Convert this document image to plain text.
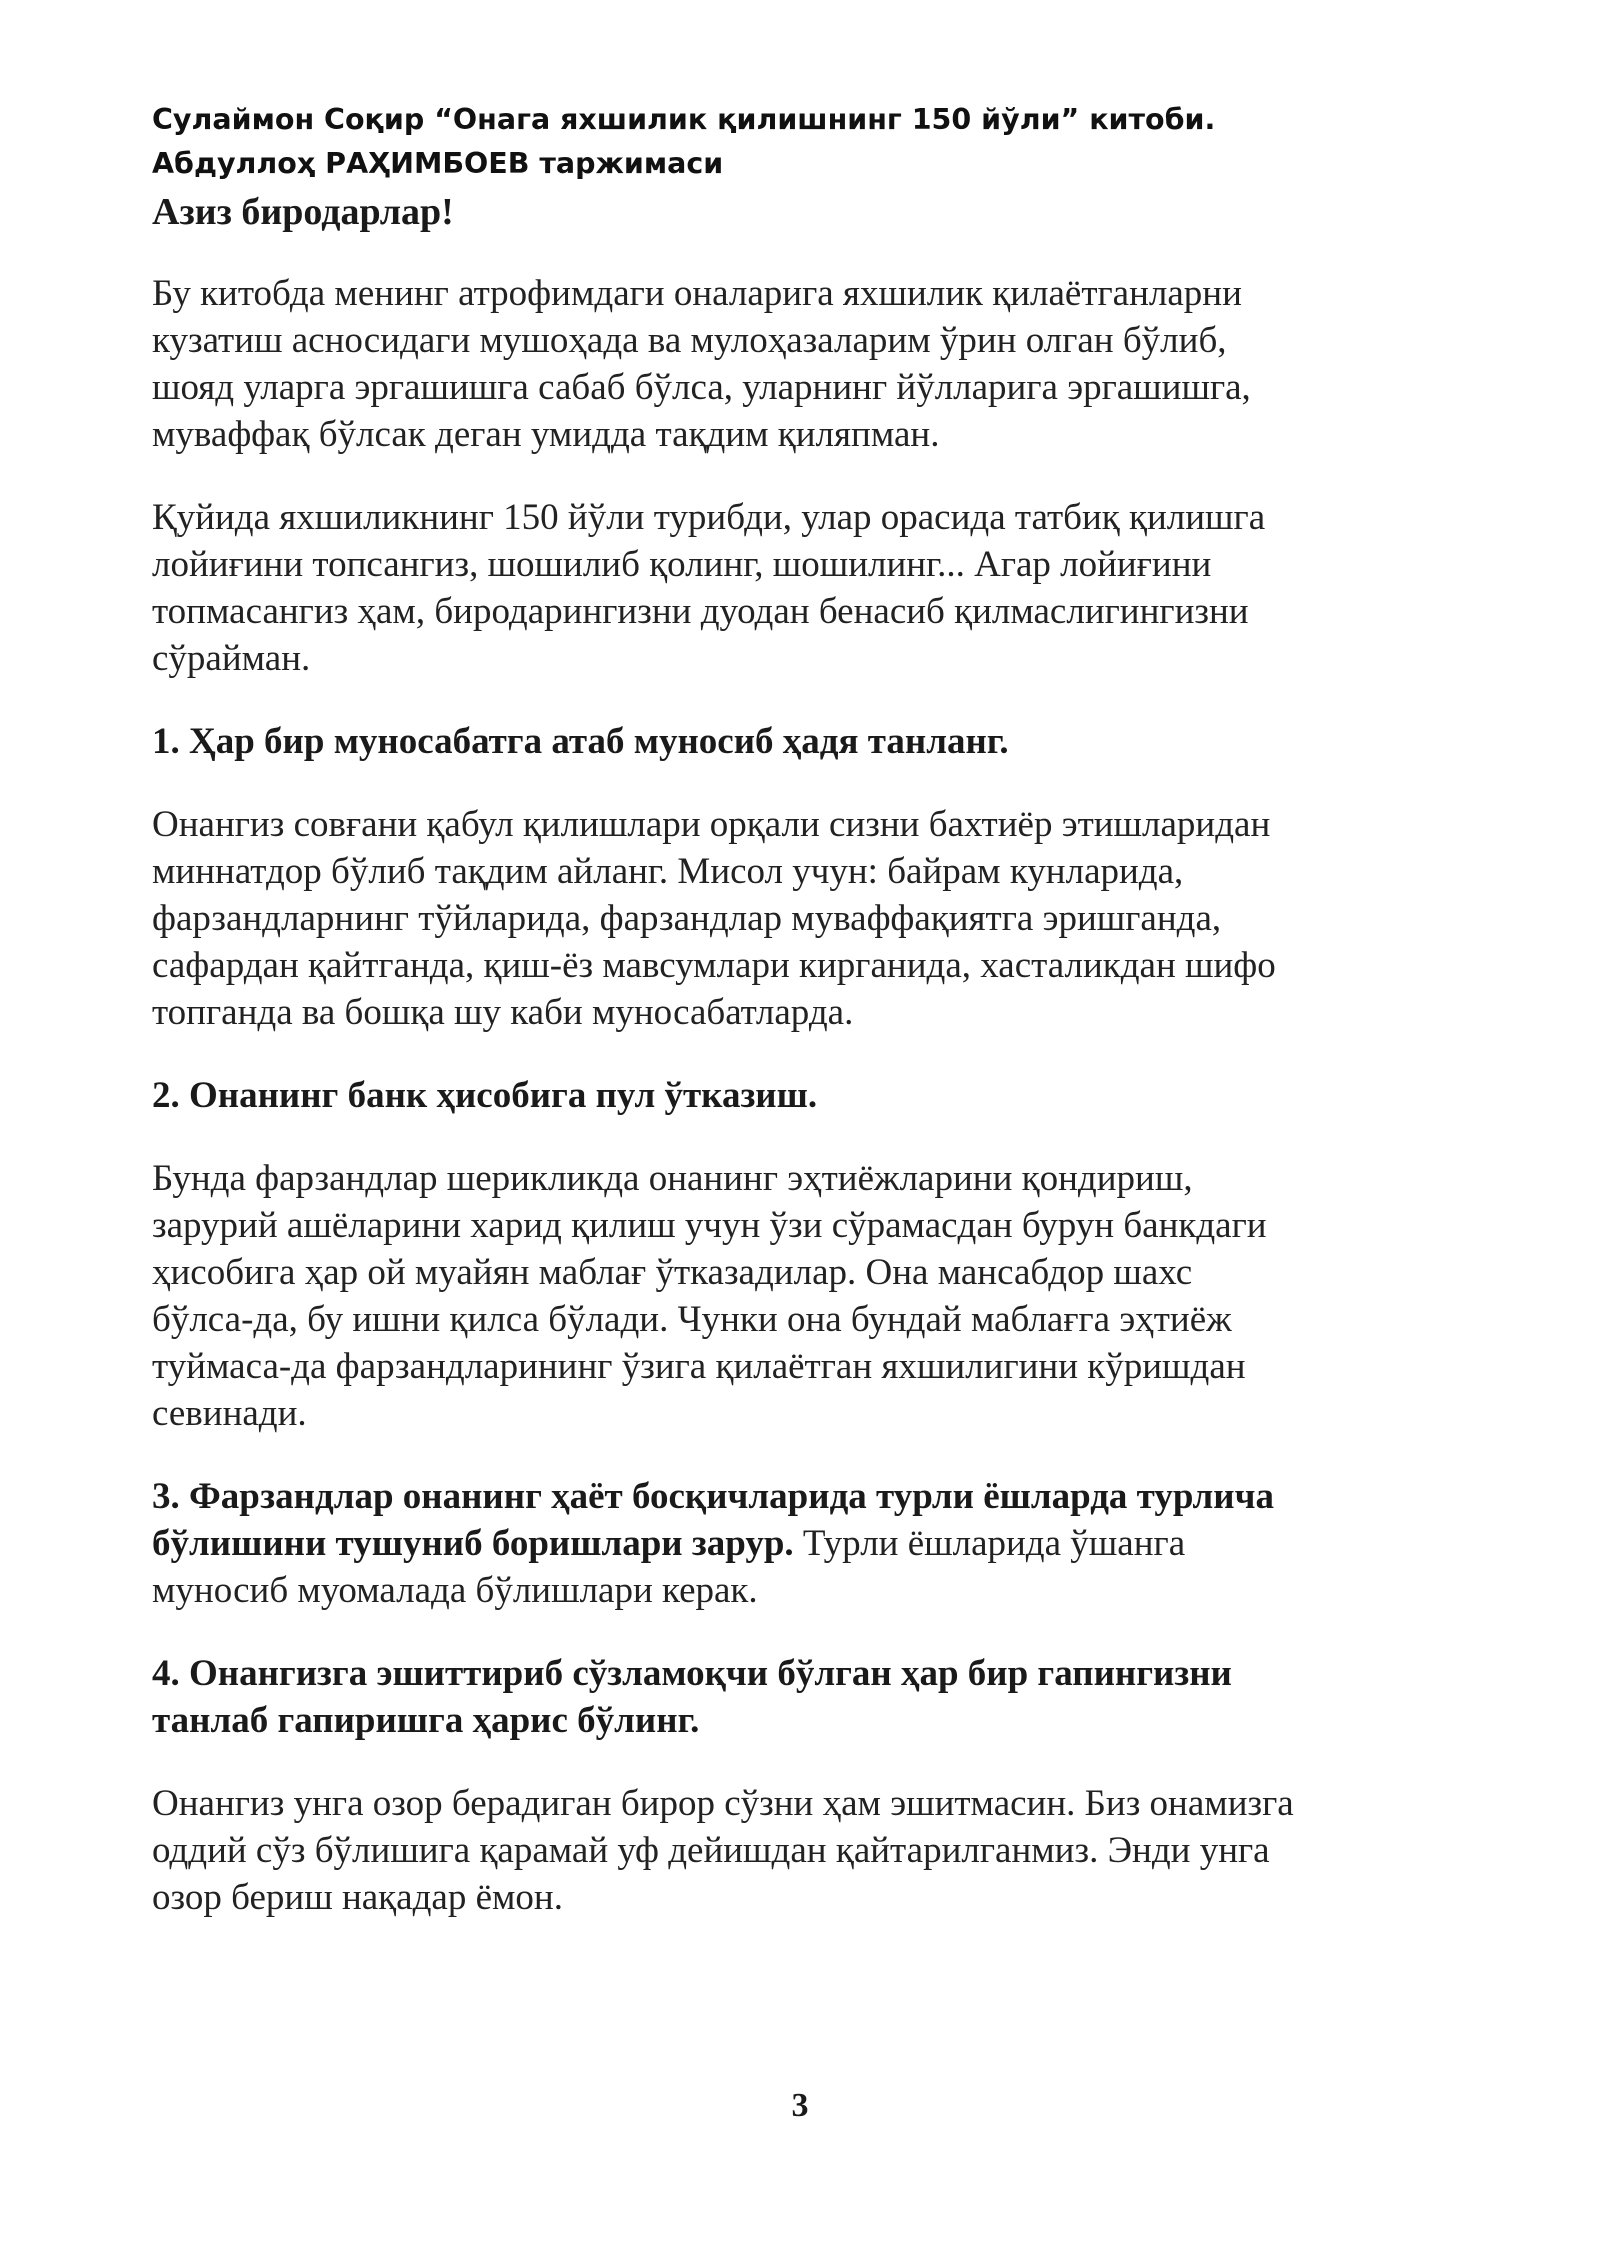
Сулаймон Соқир “Онага яхшилик қилишнинг 150 йўли” китоби.
Абдуллоҳ РАҲИМБОЕВ таржимаси
Азиз биродарлар!
Бу китобда менинг атрофимдаги оналарига яхшилик қилаётганларни
кузатиш асносидаги мушоҳада ва мулоҳазаларим ўрин олган бўлиб,
шояд уларга эргашишга сабаб бўлса, уларнинг йўлларига эргашишга,
муваффақ бўлсак деган умидда тақдим қиляпман.
Қуйида яхшиликнинг 150 йўли турибди, улар орасида татбиқ қилишга
лойиғини топсангиз, шошилиб қолинг, шошилинг... Агар лойиғини
топмасангиз ҳам, биродарингизни дуодан бенасиб қилмаслигингизни
сўрайман.
1. Ҳар бир муносабатга атаб муносиб ҳадя танланг.
Онангиз совғани қабул қилишлари орқали сизни бахтиёр этишларидан
миннатдор бўлиб тақдим айланг. Мисол учун: байрам кунларида,
фарзандларнинг тўйларида, фарзандлар муваффақиятга эришганда,
сафардан қайтганда, қиш-ёз мавсумлари кирганида, хасталикдан шифо
топганда ва бошқа шу каби муносабатларда.
2. Онанинг банк ҳисобига пул ўтказиш.
Бунда фарзандлар шерикликда онанинг эҳтиёжларини қондириш,
зарурий ашёларини харид қилиш учун ўзи сўрамасдан бурун банкдаги
ҳисобига ҳар ой муайян маблағ ўтказадилар. Она мансабдор шахс
бўлса-да, бу ишни қилса бўлади. Чунки она бундай маблағга эҳтиёж
туймаса-да фарзандларининг ўзига қилаётган яхшилигини кўришдан
севинади.
3. Фарзандлар онанинг ҳаёт босқичларида турли ёшларда турлича
бўлишини тушуниб боришлари зарур. Турли ёшларида ўшанга
муносиб муомалада бўлишлари керак.
4. Онангизга эшиттириб сўзламоқчи бўлган ҳар бир гапингизни
танлаб гапиришга ҳарис бўлинг.
Онангиз унга озор берадиган бирор сўзни ҳам эшитмасин. Биз онамизга
оддий сўз бўлишига қарамай уф дейишдан қайтарилганмиз. Энди унга
озор бериш нақадар ёмон.
3
